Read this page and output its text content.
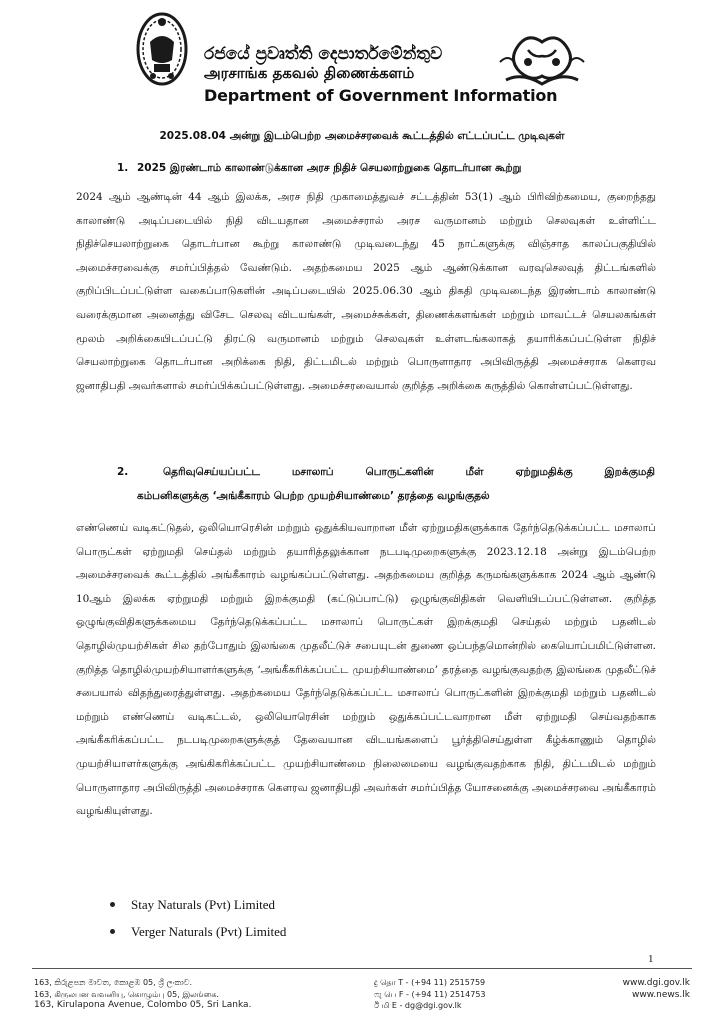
රජයේ ප්‍රවෘත්ති දෙපාර්තමේන්තුව
அரசாங்க தகவல் திணைக்களம்
Department of Government Information
2025.08.04 அன்று இடம்பெற்ற அமைச்சரவைக் கூட்டத்தில் எட்டப்பட்ட முடிவுகள்
1. 2025 இரண்டாம் காலாண்டுக்கான அரச நிதிச் செயலாற்றுகை தொடர்பான கூற்று
2024 ஆம் ஆண்டின் 44 ஆம் இலக்க, அரச நிதி முகாமைத்துவச் சட்டத்தின் 53(1) ஆம் பிரிவிற்கமைய, குறைந்தது காலாண்டு அடிப்படையில் நிதி விடயதான அமைச்சரால் அரச வருமானம் மற்றும் செலவுகள் உள்ளிட்ட நிதிச்செயலாற்றுகை தொடர்பான கூற்று காலாண்டு முடிவடைந்து 45 நாட்களுக்கு விஞ்சாத காலப்பகுதியில் அமைச்சரவைக்கு சமர்ப்பித்தல் வேண்டும். அதற்கமைய 2025 ஆம் ஆண்டுக்கான வரவுசெலவுத் திட்டங்களில் குறிப்பிடப்பட்டுள்ள வகைப்பாடுகளின் அடிப்படையில் 2025.06.30 ஆம் திகதி முடிவடைந்த இரண்டாம் காலாண்டு வரைக்குமான அனைத்து விசேட செலவு விடயங்கள், அமைச்சுக்கள், திணைக்களங்கள் மற்றும் மாவட்டச் செயலகங்கள் மூலம் அறிக்கையிடப்பட்டு திரட்டு வருமானம் மற்றும் செலவுகள் உள்ளடங்கலாகத் தயாரிக்கப்பட்டுள்ள நிதிச் செயலாற்றுகை தொடர்பான அறிக்கை நிதி, திட்டமிடல் மற்றும் பொருளாதார அபிவிருத்தி அமைச்சராக கௌரவ ஜனாதிபதி அவர்களால் சமர்ப்பிக்கப்பட்டுள்ளது. அமைச்சரவையால் குறித்த அறிக்கை கருத்தில் கொள்ளப்பட்டுள்ளது.
2.	தெரிவுசெய்யப்பட்ட	மசாலாப்	பொருட்களின்	மீள்	ஏற்றுமதிக்கு	இறக்குமதி
கம்பனிகளுக்கு ‘அங்கீகாரம் பெற்ற முயற்சியாண்மை’ தரத்தை வழங்குதல்
எண்ணெய் வடிகட்டுதல், ஒலியொரெசின் மற்றும் ஒதுக்கியவாறான மீள் ஏற்றுமதிகளுக்காக தேர்ந்தெடுக்கப்பட்ட மசாலாப் பொருட்கள் ஏற்றுமதி செய்தல் மற்றும் தயாரித்தலுக்கான நடபடிமுறைகளுக்கு 2023.12.18 அன்று இடம்பெற்ற அமைச்சரவைக் கூட்டத்தில் அங்கீகாரம் வழங்கப்பட்டுள்ளது. அதற்கமைய குறித்த கருமங்களுக்காக 2024 ஆம் ஆண்டு 10ஆம் இலக்க ஏற்றுமதி மற்றும் இறக்குமதி (கட்டுப்பாட்டு) ஒழுங்குவிதிகள் வெளியிடப்பட்டுள்ளன. குறித்த ஒழுங்குவிதிகளுக்கமைய தேர்ந்தெடுக்கப்பட்ட மசாலாப் பொருட்கள் இறக்குமதி செய்தல் மற்றும் பதனிடல் தொழில்முயற்சிகள் சில தற்போதும் இலங்கை முதலீட்டுச் சபையுடன் துணை ஒப்பந்தமொன்றில் கையொப்பமிட்டுள்ளன. குறித்த தொழில்முயற்சியாளர்களுக்கு ‘அங்கீகரிக்கப்பட்ட முயற்சியாண்மை’ தரத்தை வழங்குவதற்கு இலங்கை முதலீட்டுச் சபையால் விதந்துரைத்துள்ளது. அதற்கமைய தேர்ந்தெடுக்கப்பட்ட மசாலாப் பொருட்களின் இறக்குமதி மற்றும் பதனிடல் மற்றும் எண்ணெய் வடிகட்டல், ஒலியொரெசின் மற்றும் ஒதுக்கப்பட்டவாறான மீள் ஏற்றுமதி செய்வதற்காக அங்கீகரிக்கப்பட்ட நடபடிமுறைகளுக்குத் தேவையான விடயங்களைப் பூர்த்திசெய்துள்ள கீழ்க்காணும் தொழில் முயற்சியாளர்களுக்கு அங்கிகரிக்கப்பட்ட முயற்சியாண்மை நிலைமையை வழங்குவதற்காக நிதி, திட்டமிடல் மற்றும் பொருளாதார அபிவிருத்தி அமைச்சராக கௌரவ ஜனாதிபதி அவர்கள் சமர்ப்பித்த யோசனைக்கு அமைச்சரவை அங்கீகாரம் வழங்கியுள்ளது.
Stay Naturals (Pvt) Limited
Verger Naturals (Pvt) Limited
1
163, කිරුළපන මාවත, කොළඹ 05, ශ්‍රී ලංකාව.
163, கிருலபன வவனியு, கொழும்பு 05, இலங்கை.
163, Kirulapona Avenue, Colombo 05, Sri Lanka.
දු தொ T - (+94 11) 2515759
ෆැ பெ F - (+94 11) 2514753
ඊ மி E - dg@dgi.gov.lk
www.dgi.gov.lk
www.news.lk
